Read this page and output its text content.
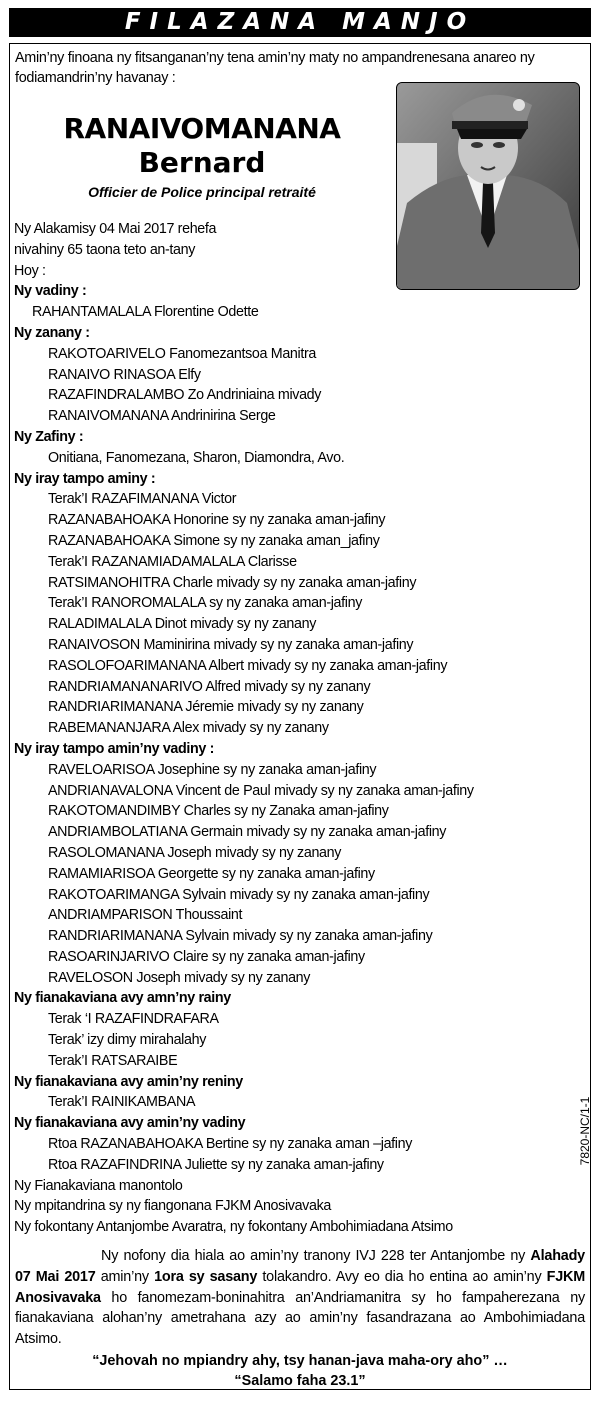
FILAZANA MANJO
Amin’ny finoana ny fitsanganan’ny tena amin’ny maty no ampandrenesana anareo ny fodiamandrin’ny havanay :
RANAIVOMANANA
Bernard
Officier de Police principal retraité
Ny Alakamisy 04 Mai 2017 rehefa
nivahiny 65 taona teto an-tany
Hoy :
Ny vadiny :
RAHANTAMALALA Florentine Odette
Ny zanany :
RAKOTOARIVELO Fanomezantsoa Manitra
RANAIVO RINASOA Elfy
RAZAFINDRALAMBO Zo Andriniaina mivady
RANAIVOMANANA Andrinirina Serge
Ny Zafiny :
Onitiana, Fanomezana, Sharon, Diamondra, Avo.
Ny iray tampo aminy :
Terak’I RAZAFIMANANA Victor
RAZANABAHOAKA Honorine sy ny zanaka aman-jafiny
RAZANABAHOAKA Simone sy ny zanaka aman_jafiny
Terak’I RAZANAMIADAMALALA Clarisse
RATSIMANOHITRA Charle mivady sy ny zanaka aman-jafiny
Terak’I RANOROMALALA sy ny zanaka aman-jafiny
RALADIMALALA Dinot mivady sy ny zanany
RANAIVOSON Maminirina mivady sy ny zanaka aman-jafiny
RASOLOFOARIMANANA Albert mivady sy ny zanaka aman-jafiny
RANDRIAMANANARIVO Alfred mivady sy ny zanany
RANDRIARIMANANA Jéremie mivady sy ny zanany
RABEMANANJARA Alex mivady sy ny zanany
Ny iray tampo amin’ny vadiny :
RAVELOARISOA Josephine sy ny zanaka aman-jafiny
ANDRIANAVALONA Vincent de Paul mivady sy ny zanaka aman-jafiny
RAKOTOMANDIMBY Charles sy ny Zanaka aman-jafiny
ANDRIAMBOLATIANA Germain mivady sy ny zanaka aman-jafiny
RASOLOMANANA Joseph mivady sy ny zanany
RAMAMIARISOA Georgette sy ny zanaka aman-jafiny
RAKOTOARIMANGA Sylvain mivady sy ny zanaka aman-jafiny
ANDRIAMPARISON Thoussaint
RANDRIARIMANANA Sylvain mivady sy ny zanaka aman-jafiny
RASOARINJARIVO Claire sy ny zanaka aman-jafiny
RAVELOSON Joseph mivady sy ny zanany
Ny fianakaviana avy amn’ny rainy
Terak ‘I RAZAFINDRAFARA
Terak’ izy dimy mirahalahy
Terak’I RATSARAIBE
Ny fianakaviana avy amin’ny reniny
Terak’I RAINIKAMBANA
Ny fianakaviana avy amin’ny vadiny
Rtoa RAZANABAHOAKA Bertine sy ny zanaka aman –jafiny
Rtoa RAZAFINDRINA Juliette sy ny zanaka aman-jafiny
Ny Fianakaviana manontolo
Ny mpitandrina sy ny fiangonana FJKM Anosivavaka
Ny fokontany Antanjombe Avaratra, ny fokontany Ambohimiadana Atsimo
7820-NC/1-1

Ny nofony dia hiala ao amin’ny tranony IVJ 228 ter Antanjombe ny Alahady 07 Mai 2017 amin’ny 1ora sy sasany tolakandro. Avy eo dia ho entina ao amin’ny FJKM Anosivavaka ho fanomezam-boninahitra an’Andriamanitra sy ho fampaherezana ny fianakaviana alohan’ny ametrahana azy ao amin’ny fasandrazana ao Ambohimiadana Atsimo.

“Jehovah no mpiandry ahy, tsy hanan-java maha-ory aho” …
“Salamo faha 23.1”
